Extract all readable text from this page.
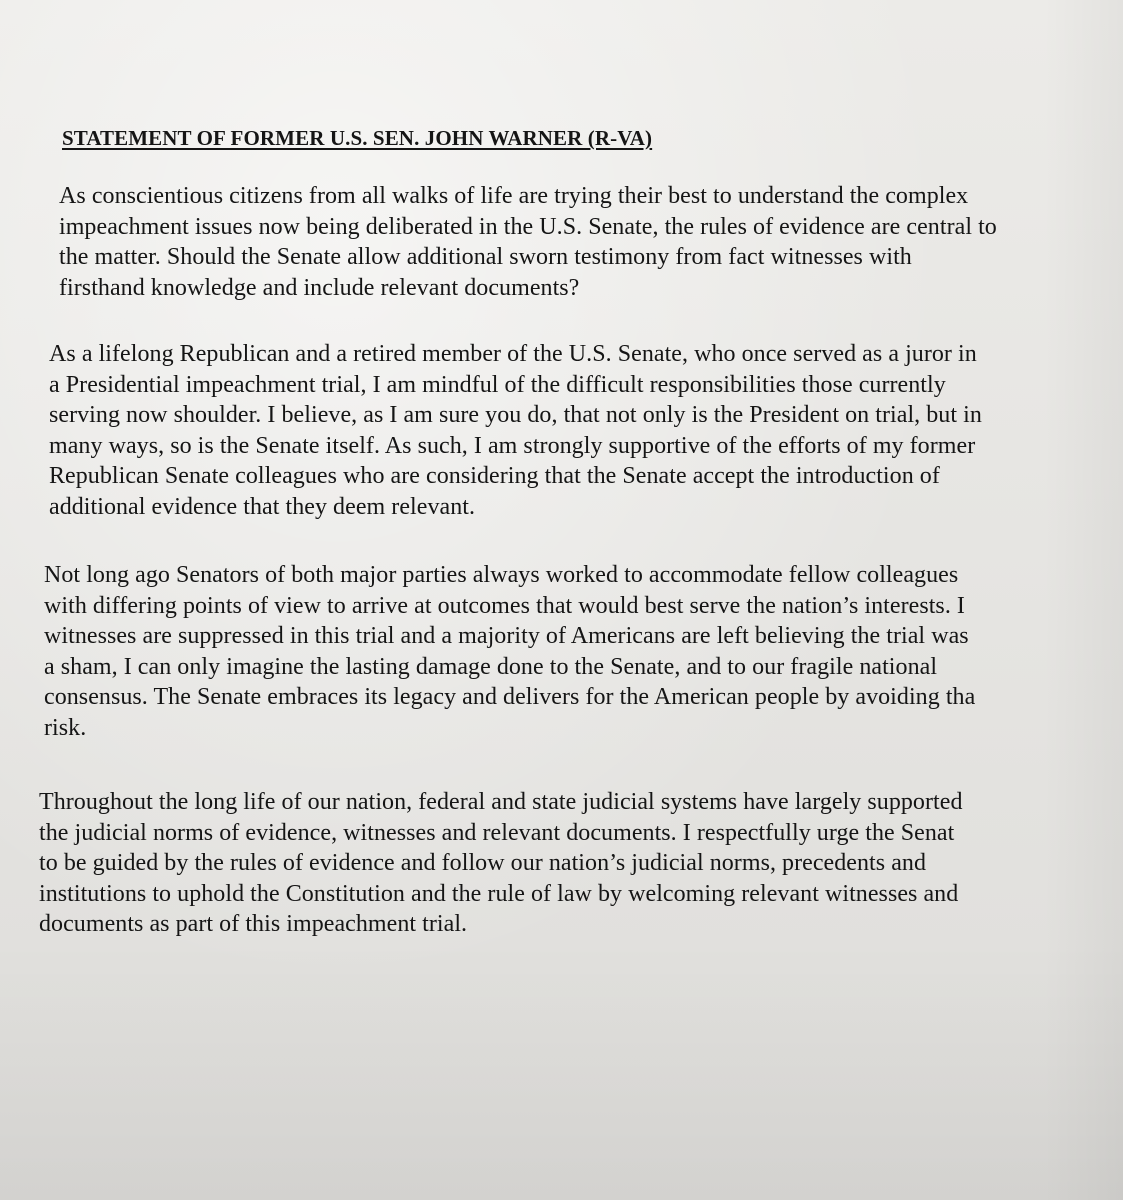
STATEMENT OF FORMER U.S. SEN. JOHN WARNER (R-VA)

As conscientious citizens from all walks of life are trying their best to understand the complex
impeachment issues now being deliberated in the U.S. Senate, the rules of evidence are central to
the matter. Should the Senate allow additional sworn testimony from fact witnesses with
firsthand knowledge and include relevant documents?

As a lifelong Republican and a retired member of the U.S. Senate, who once served as a juror in
a Presidential impeachment trial, I am mindful of the difficult responsibilities those currently
serving now shoulder. I believe, as I am sure you do, that not only is the President on trial, but in
many ways, so is the Senate itself. As such, I am strongly supportive of the efforts of my former
Republican Senate colleagues who are considering that the Senate accept the introduction of
additional evidence that they deem relevant.

Not long ago Senators of both major parties always worked to accommodate fellow colleagues
with differing points of view to arrive at outcomes that would best serve the nation’s interests. I
witnesses are suppressed in this trial and a majority of Americans are left believing the trial was
a sham, I can only imagine the lasting damage done to the Senate, and to our fragile national
consensus. The Senate embraces its legacy and delivers for the American people by avoiding tha
risk.

Throughout the long life of our nation, federal and state judicial systems have largely supported
the judicial norms of evidence, witnesses and relevant documents. I respectfully urge the Senat
to be guided by the rules of evidence and follow our nation’s judicial norms, precedents and
institutions to uphold the Constitution and the rule of law by welcoming relevant witnesses and
documents as part of this impeachment trial.
